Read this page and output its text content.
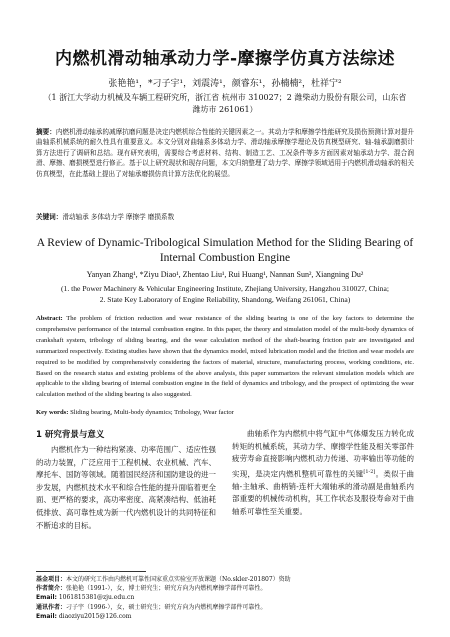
内燃机滑动轴承动力学-摩擦学仿真方法综述
张艳艳¹，*刁子宇¹，刘震涛¹，颜睿东¹，孙楠楠²，杜祥宁²
（1 浙江大学动力机械及车辆工程研究所，浙江省 杭州市 310027；2 潍柴动力股份有限公司，山东省潍坊市 261061）
摘要：内燃机滑动轴承的减摩抗磨问题是决定内燃机综合性能的关键因素之一。其动力学和摩擦学性能研究及损伤预测计算对提升曲轴系机械系统的耐久性具有重要意义。本文分别对曲轴系多体动力学、滑动轴承摩擦学理论及仿真模型研究、轴-轴承副磨损计算方法进行了调研和总结。现有研究表明，需要综合考虑材料、结构、制造工艺、工况条件等多方面因素对轴承动力学、混合润滑、摩擦、磨损模型进行修正。基于以上研究现状和现存问题，本文归纳整理了动力学、摩擦学领域适用于内燃机滑动轴承的相关仿真模型，在此基础上提出了对轴承磨损仿真计算方法优化的展望。
关键词：滑动轴承 多体动力学 摩擦学 磨损系数
A Review of Dynamic-Tribological Simulation Method for the Sliding Bearing of Internal Combustion Engine
Yanyan Zhang¹, *Ziyu Diao¹, Zhentao Liu¹, Rui Huang¹, Nannan Sun², Xiangning Du²
(1. the Power Machinery & Vehicular Engineering Institute, Zhejiang University, Hangzhou 310027, China;
2. State Key Laboratory of Engine Reliability, Shandong, Weifang 261061, China)
Abstract: The problem of friction reduction and wear resistance of the sliding bearing is one of the key factors to determine the comprehensive performance of the internal combustion engine. In this paper, the theory and simulation model of the multi-body dynamics of crankshaft system, tribology of sliding bearing, and the wear calculation method of the shaft-bearing friction pair are investigated and summarized respectively. Existing studies have shown that the dynamics model, mixed lubrication model and the friction and wear models are required to be modified by comprehensively considering the factors of material, structure, manufacturing process, working conditions, etc. Based on the research status and existing problems of the above analysis, this paper summarizes the relevant simulation models which are applicable to the sliding bearing of internal combustion engine in the field of dynamics and tribology, and the prospect of optimizing the wear calculation method of the sliding bearing is also suggested.
Key words: Sliding bearing, Multi-body dynamics; Tribology, Wear factor
1 研究背景与意义

内燃机作为一种结构紧凑、功率范围广、适应性强的动力装置，广泛应用于工程机械、农业机械、汽车、摩托车、国防等领域。随着国民经济和国防建设的进一步发展，内燃机技术水平和综合性能的提升面临着更全面、更严格的要求，高功率密度、高紧凑结构、低油耗低排放、高可靠性成为新一代内燃机设计的共同特征和不断追求的目标。

曲轴系作为内燃机中将气缸中气体爆发压力转化成转矩的机械系统，其动力学、摩擦学性能及相关零部件疲劳寿命直接影响内燃机动力传递、功率输出等功能的实现，是决定内燃机整机可靠性的关键[1-2]。类似于曲轴-主轴承、曲柄销-连杆大端轴承的滑动副是曲轴系内部重要的机械传动机构，其工作状态及服役寿命对于曲轴系可靠性至关重要。

基金项目：本文的研究工作由内燃机可靠性国家重点实验室开放课题（No.skler-201807）资助
作者简介：张艳艳（1991-），女，博士研究生；研究方向为内燃机摩擦学部件可靠性。
Email: 1061815381@zju.edu.cn
通讯作者：刁子宇（1996-），女，硕士研究生；研究方向为内燃机摩擦学部件可靠性。
Email: diaoziyu2015@126.com
